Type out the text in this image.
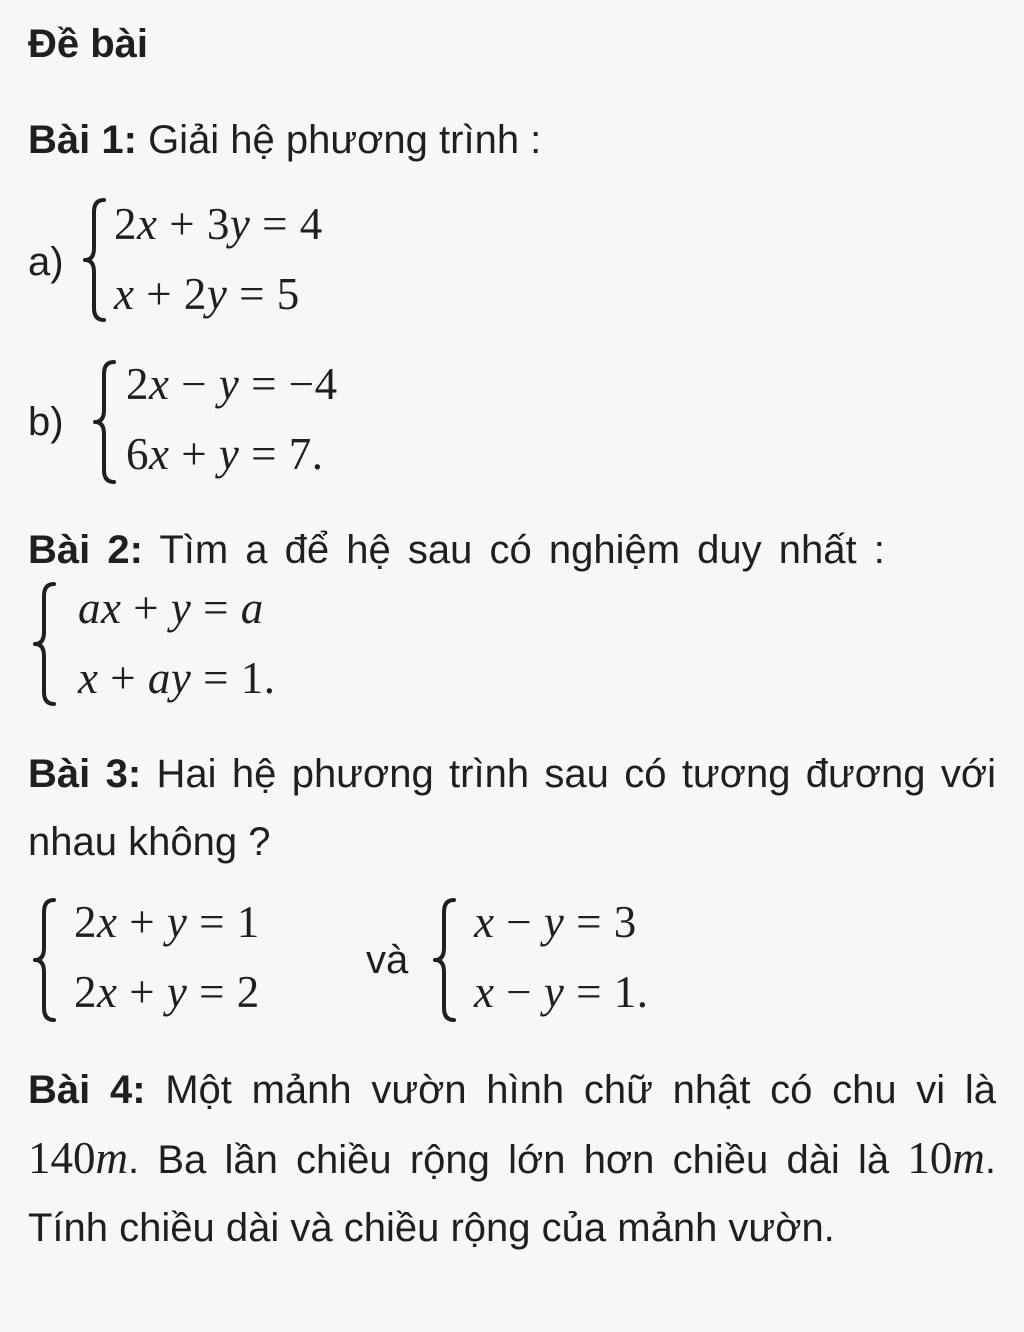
Đề bài
Bài 1: Giải hệ phương trình :
a)
2x + 3y = 4
x + 2y = 5
b)
2x − y = −4
6x + y = 7.
Bài 2: Tìm a để hệ sau có nghiệm duy nhất :
ax + y = a
x + ay = 1.
Bài 3: Hai hệ phương trình sau có tương đương với nhau không ?
2x + y = 1
2x + y = 2
và
x − y = 3
x − y = 1.
Bài 4: Một mảnh vườn hình chữ nhật có chu vi là 140m. Ba lần chiều rộng lớn hơn chiều dài là 10m. Tính chiều dài và chiều rộng của mảnh vườn.
